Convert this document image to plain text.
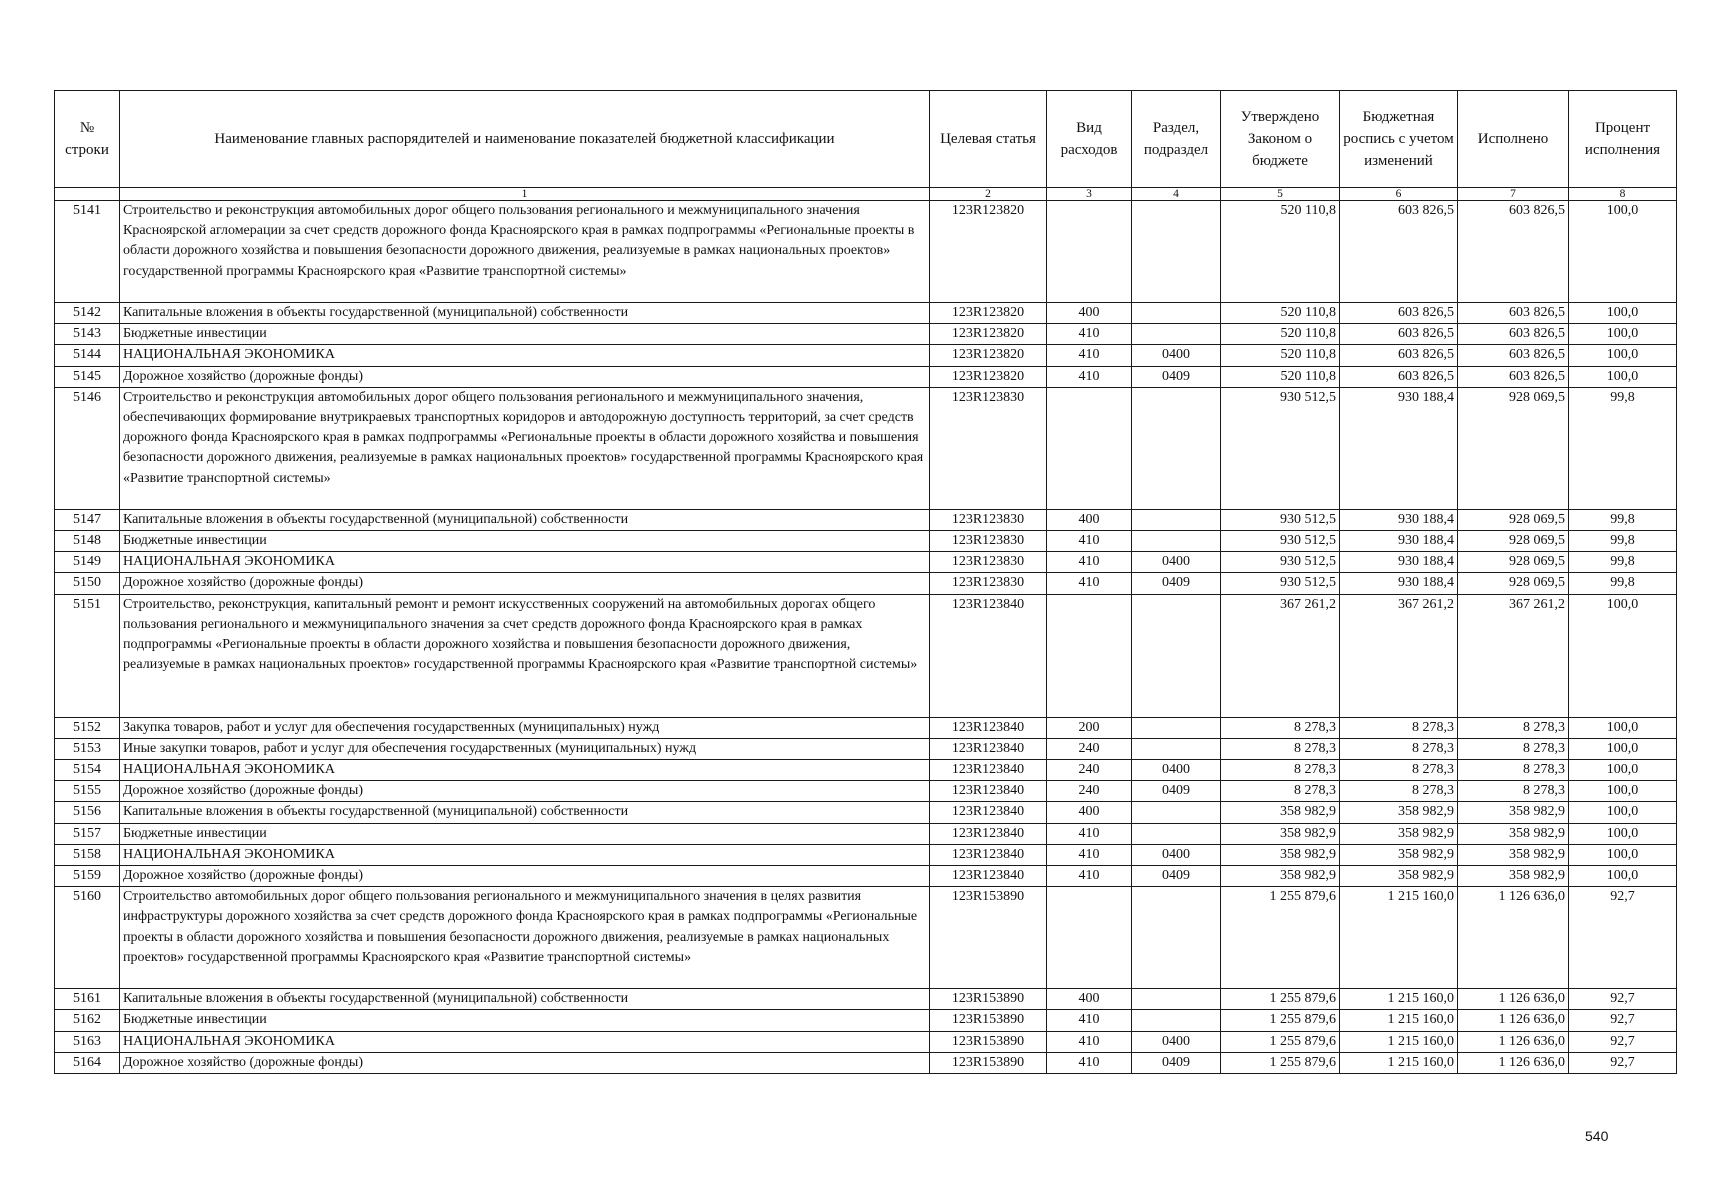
№ строки	Наименование главных распорядителей и наименование показателей бюджетной классификации	Целевая статья	Вид расходов	Раздел, подраздел	Утверждено Законом о бюджете	Бюджетная роспись с учетом изменений	Исполнено	Процент исполнения
	1	2	3	4	5	6	7	8
5141	Строительство и реконструкция автомобильных дорог общего пользования регионального и межмуниципального значения Красноярской агломерации за счет средств дорожного фонда Красноярского края в рамках подпрограммы «Региональные проекты в области дорожного хозяйства и повышения безопасности дорожного движения, реализуемые в рамках национальных проектов» государственной программы Красноярского края «Развитие транспортной системы»	123R123820			520 110,8	603 826,5	603 826,5	100,0
5142	Капитальные вложения в объекты государственной (муниципальной) собственности	123R123820	400		520 110,8	603 826,5	603 826,5	100,0
5143	Бюджетные инвестиции	123R123820	410		520 110,8	603 826,5	603 826,5	100,0
5144	НАЦИОНАЛЬНАЯ ЭКОНОМИКА	123R123820	410	0400	520 110,8	603 826,5	603 826,5	100,0
5145	Дорожное хозяйство (дорожные фонды)	123R123820	410	0409	520 110,8	603 826,5	603 826,5	100,0
5146	Строительство и реконструкция автомобильных дорог общего пользования регионального и межмуниципального значения, обеспечивающих формирование внутрикраевых транспортных коридоров и автодорожную доступность территорий, за счет средств дорожного фонда Красноярского края в рамках подпрограммы «Региональные проекты в области дорожного хозяйства и повышения безопасности дорожного движения, реализуемые в рамках национальных проектов» государственной программы Красноярского края «Развитие транспортной системы»	123R123830			930 512,5	930 188,4	928 069,5	99,8
5147	Капитальные вложения в объекты государственной (муниципальной) собственности	123R123830	400		930 512,5	930 188,4	928 069,5	99,8
5148	Бюджетные инвестиции	123R123830	410		930 512,5	930 188,4	928 069,5	99,8
5149	НАЦИОНАЛЬНАЯ ЭКОНОМИКА	123R123830	410	0400	930 512,5	930 188,4	928 069,5	99,8
5150	Дорожное хозяйство (дорожные фонды)	123R123830	410	0409	930 512,5	930 188,4	928 069,5	99,8
5151	Строительство, реконструкция, капитальный ремонт и ремонт искусственных сооружений на автомобильных дорогах общего пользования регионального и межмуниципального значения за счет средств дорожного фонда Красноярского края в рамках подпрограммы «Региональные проекты в области дорожного хозяйства и повышения безопасности дорожного движения, реализуемые в рамках национальных проектов» государственной программы Красноярского края «Развитие транспортной системы»	123R123840			367 261,2	367 261,2	367 261,2	100,0
5152	Закупка товаров, работ и услуг для обеспечения государственных (муниципальных) нужд	123R123840	200		8 278,3	8 278,3	8 278,3	100,0
5153	Иные закупки товаров, работ и услуг для обеспечения государственных (муниципальных) нужд	123R123840	240		8 278,3	8 278,3	8 278,3	100,0
5154	НАЦИОНАЛЬНАЯ ЭКОНОМИКА	123R123840	240	0400	8 278,3	8 278,3	8 278,3	100,0
5155	Дорожное хозяйство (дорожные фонды)	123R123840	240	0409	8 278,3	8 278,3	8 278,3	100,0
5156	Капитальные вложения в объекты государственной (муниципальной) собственности	123R123840	400		358 982,9	358 982,9	358 982,9	100,0
5157	Бюджетные инвестиции	123R123840	410		358 982,9	358 982,9	358 982,9	100,0
5158	НАЦИОНАЛЬНАЯ ЭКОНОМИКА	123R123840	410	0400	358 982,9	358 982,9	358 982,9	100,0
5159	Дорожное хозяйство (дорожные фонды)	123R123840	410	0409	358 982,9	358 982,9	358 982,9	100,0
5160	Строительство автомобильных дорог общего пользования регионального и межмуниципального значения в целях развития инфраструктуры дорожного хозяйства за счет средств дорожного фонда Красноярского края в рамках подпрограммы «Региональные проекты в области дорожного хозяйства и повышения безопасности дорожного движения, реализуемые в рамках национальных проектов» государственной программы Красноярского края «Развитие транспортной системы»	123R153890			1 255 879,6	1 215 160,0	1 126 636,0	92,7
5161	Капитальные вложения в объекты государственной (муниципальной) собственности	123R153890	400		1 255 879,6	1 215 160,0	1 126 636,0	92,7
5162	Бюджетные инвестиции	123R153890	410		1 255 879,6	1 215 160,0	1 126 636,0	92,7
5163	НАЦИОНАЛЬНАЯ ЭКОНОМИКА	123R153890	410	0400	1 255 879,6	1 215 160,0	1 126 636,0	92,7
5164	Дорожное хозяйство (дорожные фонды)	123R153890	410	0409	1 255 879,6	1 215 160,0	1 126 636,0	92,7
540
